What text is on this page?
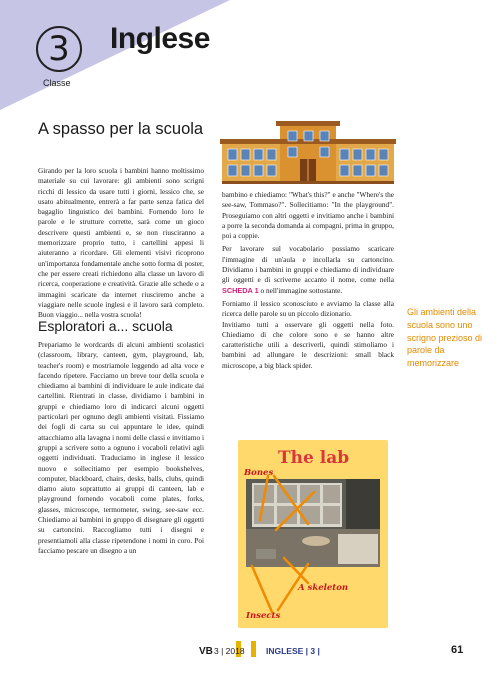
3
Classe
Inglese
A spasso per la scuola

Girando per la loro scuola i bambini hanno moltissimo materiale su cui lavorare: gli ambienti sono scrigni ricchi di lessico da usare tutti i giorni, lessico che, se usato abitualmente, entrerà a far parte senza fatica del bagaglio linguistico dei bambini. Fornendo loro le parole e le strutture corrette, sarà come un gioco descrivere questi ambienti e, se non riusciranno a memorizzare proprio tutto, i cartellini appesi li aiuteranno a ricordare. Gli elementi visivi ricoprono un'importanza fondamentale anche sotto forma di poster, che per essere creati richiedono alla classe un lavoro di ricerca, cooperazione e creatività. Grazie alle schede o a immagini scaricate da internet riusciremo anche a viaggiare nelle scuole inglesi e il lavoro sarà completo. Buon viaggio... nella vostra scuola!

Esploratori a... scuola

Prepariamo le wordcards di alcuni ambienti scolastici (classroom, library, canteen, gym, playground, lab, teacher's room) e mostriamole leggendo ad alta voce e facendo ripetere. Facciamo un breve tour della scuola e chiediamo ai bambini di individuare le aule indicate dai cartellini. Rientrati in classe, dividiamo i bambini in gruppi e chiediamo loro di indicarci alcuni oggetti particolari per ognuno degli ambienti visitati. Fissiamo dei fogli di carta su cui appuntare le idee, quindi attacchiamo alla lavagna i nomi delle classi e invitiamo i gruppi a scrivere sotto a ognuno i vocaboli relativi agli oggetti individuati. Traduciamo in inglese il lessico nuovo e sollecitiamo per esempio bookshelves, computer, blackboard, chairs, desks, balls, clubs, quindi diamo aiuto soprattutto ai gruppi di canteen, lab e playground fornendo vocaboli come plates, forks, glasses, microscope, termometer, swing, see-saw ecc. Chiediamo ai bambini in gruppo di disegnare gli oggetti su cartoncini. Raccogliamo tutti i disegni e presentiamoli alla classe ripetendone i nomi in coro. Poi facciamo pescare un disegno a un

bambino e chiediamo: "What's this?" e anche "Where's the see-saw, Tommaso?". Sollecitiamo: "In the playground". Proseguiamo con altri oggetti e invitiamo anche i bambini a porre la seconda domanda ai compagni, prima in gruppo, poi a coppie.

Per lavorare sul vocabolario possiamo scaricare l'immagine di un'aula e incollarla su cartoncino. Dividiamo i bambini in gruppi e chiediamo di individuare gli oggetti e di scriverne accanto il nome, come nella SCHEDA 1 o nell'immagine sottostante.

Forniamo il lessico sconosciuto e avviamo la classe alla ricerca delle parole su un piccolo dizionario.

Invitiamo tutti a osservare gli oggetti nella foto. Chiediamo di che colore sono e se hanno altre caratteristiche utili a descriverli, quindi stimoliamo i bambini ad allungare le descrizioni: small black microscope, a big black spider.

Gli ambienti della scuola sono uno scrigno prezioso di parole da memorizzare
The lab
Bones
A skeleton
Insects
VB 3 | 2018	INGLESE | 3 |	61
